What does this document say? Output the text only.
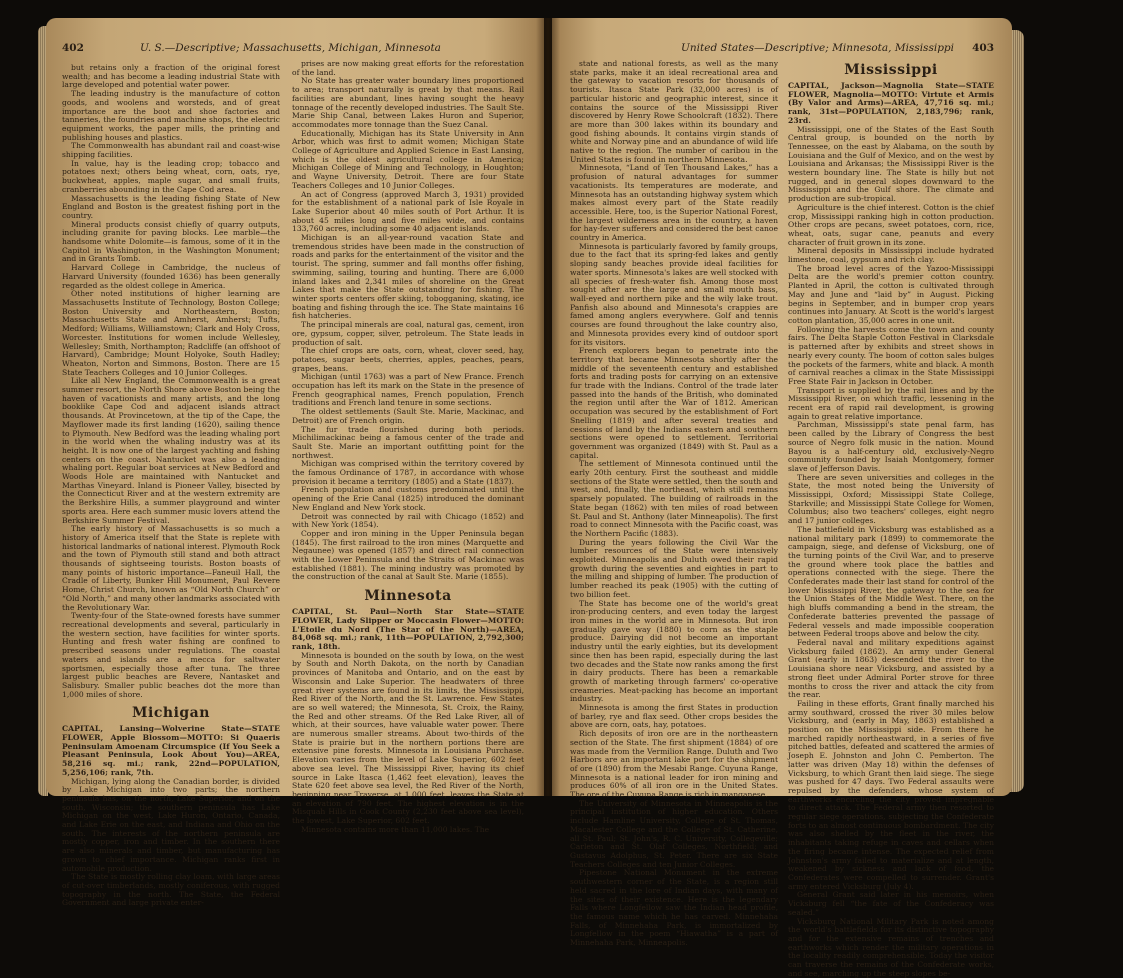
402	U. S.—Descriptive; Massachusetts, Michigan, Minnesota

but retains only a fraction of the original forest wealth; and has become a leading industrial State with large developed and potential water power.

The leading industry is the manufacture of cotton goods, and woolens and worsteds, and of great importance are the boot and shoe factories and tanneries, the foundries and machine shops, the electric equipment works, the paper mills, the printing and publishing houses and plastics.

The Commonwealth has abundant rail and coast-wise shipping facilities.

In value, hay is the leading crop; tobacco and potatoes next; others being wheat, corn, oats, rye, buckwheat, apples, maple sugar, and small fruits, cranberries abounding in the Cape Cod area.

Massachusetts is the leading fishing State of New England and Boston is the greatest fishing port in the country.

Mineral products consist chiefly of quarry outputs, including granite for paving blocks. Lee marble—the handsome white Dolomite—is famous, some of it in the Capitol in Washington, in the Washington Monument; and in Grants Tomb.

Harvard College in Cambridge, the nucleus of Harvard University (founded 1636) has been generally regarded as the oldest college in America.

Other noted institutions of higher learning are Massachusetts Institute of Technology, Boston College; Boston University and Northeastern, Boston; Massachusetts State and Amherst, Amherst; Tufts, Medford; Williams, Williamstown; Clark and Holy Cross, Worcester. Institutions for women include Wellesley, Wellesley; Smith, Northampton; Radcliffe (an offshoot of Harvard), Cambridge; Mount Holyoke, South Hadley; Wheaton, Norton and Simmons, Boston. There are 15 State Teachers Colleges and 10 Junior Colleges.

Like all New England, the Commonwealth is a great summer resort, the North Shore above Boston being the haven of vacationists and many artists, and the long booklike Cape Cod and adjacent islands attract thousands. At Provincetown, at the tip of the Cape, the Mayflower made its first landing (1620), sailing thence to Plymouth. New Bedford was the leading whaling port in the world when the whaling industry was at its height. It is now one of the largest yachting and fishing centers on the coast. Nantucket was also a leading whaling port. Regular boat services at New Bedford and Woods Hole are maintained with Nantucket and Marthas Vineyard. Inland is Pioneer Valley, bisected by the Connecticut River and at the western extremity are the Berkshire Hills, a summer playground and winter sports area. Here each summer music lovers attend the Berkshire Summer Festival.

The early history of Massachusetts is so much a history of America itself that the State is replete with historical landmarks of national interest. Plymouth Rock and the town of Plymouth still stand and both attract thousands of sightseeing tourists. Boston boasts of many points of historic importance—Faneuil Hall, the Cradle of Liberty, Bunker Hill Monument, Paul Revere Home, Christ Church, known as “Old North Church” or “Old North,” and many other landmarks associated with the Revolutionary War.

Twenty-four of the State-owned forests have summer recreational developments and several, particularly in the western section, have facilities for winter sports. Hunting and fresh water fishing are confined to prescribed seasons under regulations. The coastal waters and islands are a mecca for saltwater sportsmen, especially those after tuna. The three largest public beaches are Revere, Nantasket and Salisbury. Smaller public beaches dot the more than 1,000 miles of shore.

Michigan

CAPITAL, Lansing—Wolverine State—STATE FLOWER, Apple Blossom—MOTTO: Si Quaeris Peninsulam Amoenam Circumspice (If You Seek a Pleasant Peninsula, Look About You)—AREA, 58,216 sq. mi.; rank, 22nd—POPULATION, 5,256,106; rank, 7th.

Michigan, lying along the Canadian border, is divided by Lake Michigan into two parts; the northern peninsula has, on the north, Lake Superior, and on the south, Wisconsin; the southern peninsula has Lake Michigan on the west, Lake Huron, Ontario, Canada, and Lake Erie on the east, and Indiana and Ohio on the south. The interests of the northern peninsula are mostly copper, iron and timber. In the southern there are also minerals and timber, but manufacturing has grown to chief importance. Michigan ranks first in automobile production.

The State is mostly rolling clay loam, with large areas of cut-over timberlands, mostly coniferous, with rugged topography in the north. The State, the Federal Government and large private enter-

prises are now making great efforts for the reforestation of the land.

No State has greater water boundary lines proportioned to area; transport naturally is great by that means. Rail facilities are abundant, lines having sought the heavy tonnage of the recently developed industries. The Sault Ste. Marie Ship Canal, between Lakes Huron and Superior, accommodates more tonnage than the Suez Canal.

Educationally, Michigan has its State University in Ann Arbor, which was first to admit women; Michigan State College of Agriculture and Applied Science in East Lansing, which is the oldest agricultural college in America; Michigan College of Mining and Technology, in Houghton; and Wayne University, Detroit. There are four State Teachers Colleges and 10 Junior Colleges.

An act of Congress (approved March 3, 1931) provided for the establishment of a national park of Isle Royale in Lake Superior about 40 miles south of Port Arthur. It is about 45 miles long and five miles wide, and contains 133,760 acres, including some 40 adjacent islands.

Michigan is an all-year-round vacation State and tremendous strides have been made in the construction of roads and parks for the entertainment of the visitor and the tourist. The spring, summer and fall months offer fishing, swimming, sailing, touring and hunting. There are 6,000 inland lakes and 2,341 miles of shoreline on the Great Lakes that make the State outstanding for fishing. The winter sports centers offer skiing, tobogganing, skating, ice boating and fishing through the ice. The State maintains 16 fish hatcheries.

The principal minerals are coal, natural gas, cement, iron ore, gypsum, copper, silver, petroleum. The State leads in production of salt.

The chief crops are oats, corn, wheat, clover seed, hay, potatoes, sugar beets, cherries, apples, peaches, pears, grapes, beans.

Michigan (until 1763) was a part of New France. French occupation has left its mark on the State in the presence of French geographical names, French population, French traditions and French land tenure in some sections.

The oldest settlements (Sault Ste. Marie, Mackinac, and Detroit) are of French origin.

The fur trade flourished during both periods. Michilimackinac being a famous center of the trade and Sault Ste. Marie an important outfitting point for the northwest.

Michigan was comprised within the territory covered by the famous Ordinance of 1787, in accordance with whose provision it became a territory (1805) and a State (1837).

French population and customs predominated until the opening of the Erie Canal (1825) introduced the dominant New England and New York stock.

Detroit was connected by rail with Chicago (1852) and with New York (1854).

Copper and iron mining in the Upper Peninsula began (1845). The first railroad to the iron mines (Marquette and Negaunee) was opened (1857) and direct rail connection with the Lower Peninsula and the Straits of Mackinac was established (1881). The mining industry was promoted by the construction of the canal at Sault Ste. Marie (1855).

Minnesota

CAPITAL, St. Paul—North Star State—STATE FLOWER, Lady Slipper or Moccasin Flower—MOTTO: L'Etoile du Nord (The Star of the North)—AREA, 84,068 sq. mi.; rank, 11th—POPULATION, 2,792,300; rank, 18th.

Minnesota is bounded on the south by Iowa, on the west by South and North Dakota, on the north by Canadian provinces of Manitoba and Ontario, and on the east by Wisconsin and Lake Superior. The headwaters of three great river systems are found in its limits, the Mississippi, Red River of the North, and the St. Lawrence. Few States are so well watered; the Minnesota, St. Croix, the Rainy, the Red and other streams. Of the Red Lake River, all of which, at their sources, have valuable water power. There are numerous smaller streams. About two-thirds of the State is prairie but in the northern portions there are extensive pine forests. Minnesota in Louisiana Purchase. Elevation varies from the level of Lake Superior, 602 feet above sea level. The Mississippi River, having its chief source in Lake Itasca (1,462 feet elevation), leaves the State 620 feet above sea level, the Red River of the North, beginning near Traverse, at 1,000 feet, leaves the State at an elevation of 790 feet. The highest elevation is in the Misquah Hills in Cook County (2,230 feet above sea level), the lowest, Lake Superior, 602 feet.

Minnesota contains more than 11,000 lakes. The

United States—Descriptive; Minnesota, Mississippi 403

state and national forests, as well as the many state parks, make it an ideal recreational area and the gateway to vacation resorts for thousands of tourists. Itasca State Park (32,000 acres) is of particular historic and geographic interest, since it contains the source of the Mississippi River discovered by Henry Rowe Schoolcraft (1832). There are more than 300 lakes within its boundary and good fishing abounds. It contains virgin stands of white and Norway pine and an abundance of wild life native to the region. The number of caribou in the United States is found in northern Minnesota.

Minnesota, “Land of Ten Thousand Lakes,” has a profusion of natural advantages for summer vacationists. Its temperatures are moderate, and Minnesota has an outstanding highway system which makes almost every part of the State readily accessible. Here, too, is the Superior National Forest, the largest wilderness area in the country, a haven for hay-fever sufferers and considered the best canoe country in America.

Minnesota is particularly favored by family groups, due to the fact that its spring-fed lakes and gently sloping sandy beaches provide ideal facilities for water sports. Minnesota's lakes are well stocked with all species of fresh-water fish. Among those most sought after are the large and small mouth bass, wall-eyed and northern pike and the wily lake trout. Panfish also abound and Minnesota's crappies are famed among anglers everywhere. Golf and tennis courses are found throughout the lake country also, and Minnesota provides every kind of outdoor sport for its visitors.

French explorers began to penetrate into the territory that became Minnesota shortly after the middle of the seventeenth century and established forts and trading posts for carrying on an extensive fur trade with the Indians. Control of the trade later passed into the hands of the British, who dominated the region until after the War of 1812. American occupation was secured by the establishment of Fort Snelling (1819) and after several treaties and cessions of land by the Indians eastern and southern sections were opened to settlement. Territorial government was organized (1849) with St. Paul as a capital.

The settlement of Minnesota continued until the early 20th century. First the southeast and middle sections of the State were settled, then the south and west, and, finally, the northeast, which still remains sparsely populated. The building of railroads in the State began (1862) with ten miles of road between St. Paul and St. Anthony (later Minneapolis). The first road to connect Minnesota with the Pacific coast, was the Northern Pacific (1883).

During the years following the Civil War the lumber resources of the State were intensively exploited. Minneapolis and Duluth owed their rapid growth during the seventies and eighties in part to the milling and shipping of lumber. The production of lumber reached its peak (1905) with the cutting of two billion feet.

The State has become one of the world's great iron-producing centers, and even today the largest iron mines in the world are in Minnesota. But iron gradually gave way (1880) to corn as the staple produce. Dairying did not become an important industry until the early eighties, but its development since then has been rapid, especially during the last two decades and the State now ranks among the first in dairy products. There has been a remarkable growth of marketing through farmers' co-operative creameries. Meat-packing has become an important industry.

Minnesota is among the first States in production of barley, rye and flax seed. Other crops besides the above are corn, oats, hay, potatoes.

Rich deposits of iron ore are in the northeastern section of the State. The first shipment (1884) of ore was made from the Vermilion Range. Duluth and Two Harbors are an important lake port for the shipment of ore (1890) from the Mesabi Range. Cuyuna Range, Minnesota is a national leader for iron mining and produces 60% of all iron ore in the United States. The ore of the Cuyuna Range is rich in manganese.

The University of Minnesota in Minneapolis is the principal institution of higher education. Others include Hamline University, College of St. Thomas, Macalester College and the College of St. Catherine, all St. Paul; St. John's, R. C. University, Collegeville; Carleton and St. Olaf Colleges, Northfield; and Gustavus Adolphus, St. Peter. There are six State Teachers Colleges and ten Junior Colleges.

Pipestone National Monument in the extreme southwestern corner of the State, is a region still held sacred in the lore of Indian days, with many of the sites of their existence. Here is the legendary Falls where Longfellow saw the Indian head profile, the famous name which he has carved. Minnehaha Falls, of Minnehaha Park, is immortalized by Longfellow in the poem “Hiawatha” is a part of Minnehaha Park, Minneapolis.

Mississippi

CAPITAL, Jackson—Magnolia State—STATE FLOWER, Magnolia—MOTTO: Virtute et Armis (By Valor and Arms)—AREA, 47,716 sq. mi.; rank, 31st—POPULATION, 2,183,796; rank, 23rd.

Mississippi, one of the States of the East South Central group, is bounded on the north by Tennessee, on the east by Alabama, on the south by Louisiana and the Gulf of Mexico, and on the west by Louisiana and Arkansas; the Mississippi River is the western boundary line. The State is hilly but not rugged, and in general slopes downward to the Mississippi and the Gulf shore. The climate and production are sub-tropical.

Agriculture is the chief interest. Cotton is the chief crop, Mississippi ranking high in cotton production. Other crops are pecans, sweet potatoes, corn, rice, wheat, oats, sugar cane, peanuts and every character of fruit grown in its zone.

Mineral deposits in Mississippi include hydrated limestone, coal, gypsum and rich clay.

The broad level acres of the Yazoo-Mississippi Delta are the world's premier cotton country. Planted in April, the cotton is cultivated through May and June and “laid by” in August. Picking begins in September, and in bumper crop years continues into January. At Scott is the world's largest cotton plantation, 35,000 acres in one unit.

Following the harvests come the town and county fairs. The Delta Staple Cotton Festival in Clarksdale is patterned after by exhibits and street shows in nearly every county. The boom of cotton sales bulges the pockets of the farmers, white and black. A month of carnival reaches a climax in the State Mississippi Free State Fair in Jackson in October.

Transport is supplied by the rail lines and by the Mississippi River, on which traffic, lessening in the recent era of rapid rail development, is growing again to great relative importance.

Parchman, Mississippi's state penal farm, has been called by the Library of Congress the best source of Negro folk music in the nation. Mound Bayou is a half-century old, exclusively-Negro community founded by Isaiah Montgomery, former slave of Jefferson Davis.

There are seven universities and colleges in the State, the most noted being the University of Mississippi, Oxford; Mississippi State College, Starkville; and Mississippi State College for Women, Columbus; also two teachers' colleges, eight negro and 17 junior colleges.

The battlefield in Vicksburg was established as a national military park (1899) to commemorate the campaign, siege, and defense of Vicksburg, one of the turning points of the Civil War, and to preserve the ground where took place the battles and operations connected with the siege. There the Confederates made their last stand for control of the lower Mississippi River, the gateway to the sea for the Union States of the Middle West. There, on the high bluffs commanding a bend in the stream, the Confederate batteries prevented the passage of Federal vessels and made impossible cooperation between Federal troops above and below the city.

Federal naval and military expeditions against Vicksburg failed (1862). An army under General Grant (early in 1863) descended the river to the Louisiana shore near Vicksburg, and assisted by a strong fleet under Admiral Porter strove for three months to cross the river and attack the city from the rear.

Failing in these efforts, Grant finally marched his army southward, crossed the river 30 miles below Vicksburg, and (early in May, 1863) established a position on the Mississippi side. From there he marched rapidly northeastward, in a series of five pitched battles, defeated and scattered the armies of Joseph E. Johnston and John C. Pemberton. The latter was driven (May 18) within the defenses of Vicksburg, to which Grant then laid siege. The siege was pushed for 47 days. Two Federal assaults were repulsed by the defenders, whose system of earthworks encircling the city proved impregnable to direct attack. The Federal army then resorted to regular siege operations, subjecting the Confederate forts to an almost continuous bombardment. The city was also shelled by the fleet in the river, the inhabitants taking refuge in caves and cellars when the firing became intense. The expected relief from Johnston's army failed to materialize and at length, weakened by sickness and lack of food, the Confederates were compelled to surrender. Grant's army entered Vicksburg (July 4).

General Grant said later in his memoirs, when Vicksburg fell “the fate of the Confederacy was sealed.”

Vicksburg National Military Park is noted among the world's battlefields for its distinctive topography and for the extensive remains of trenches and earthworks which render the military operations in the locality readily comprehensible. Today the visitor can traverse the remains of the Confederate works, and see, marching up the steep slopes be-
